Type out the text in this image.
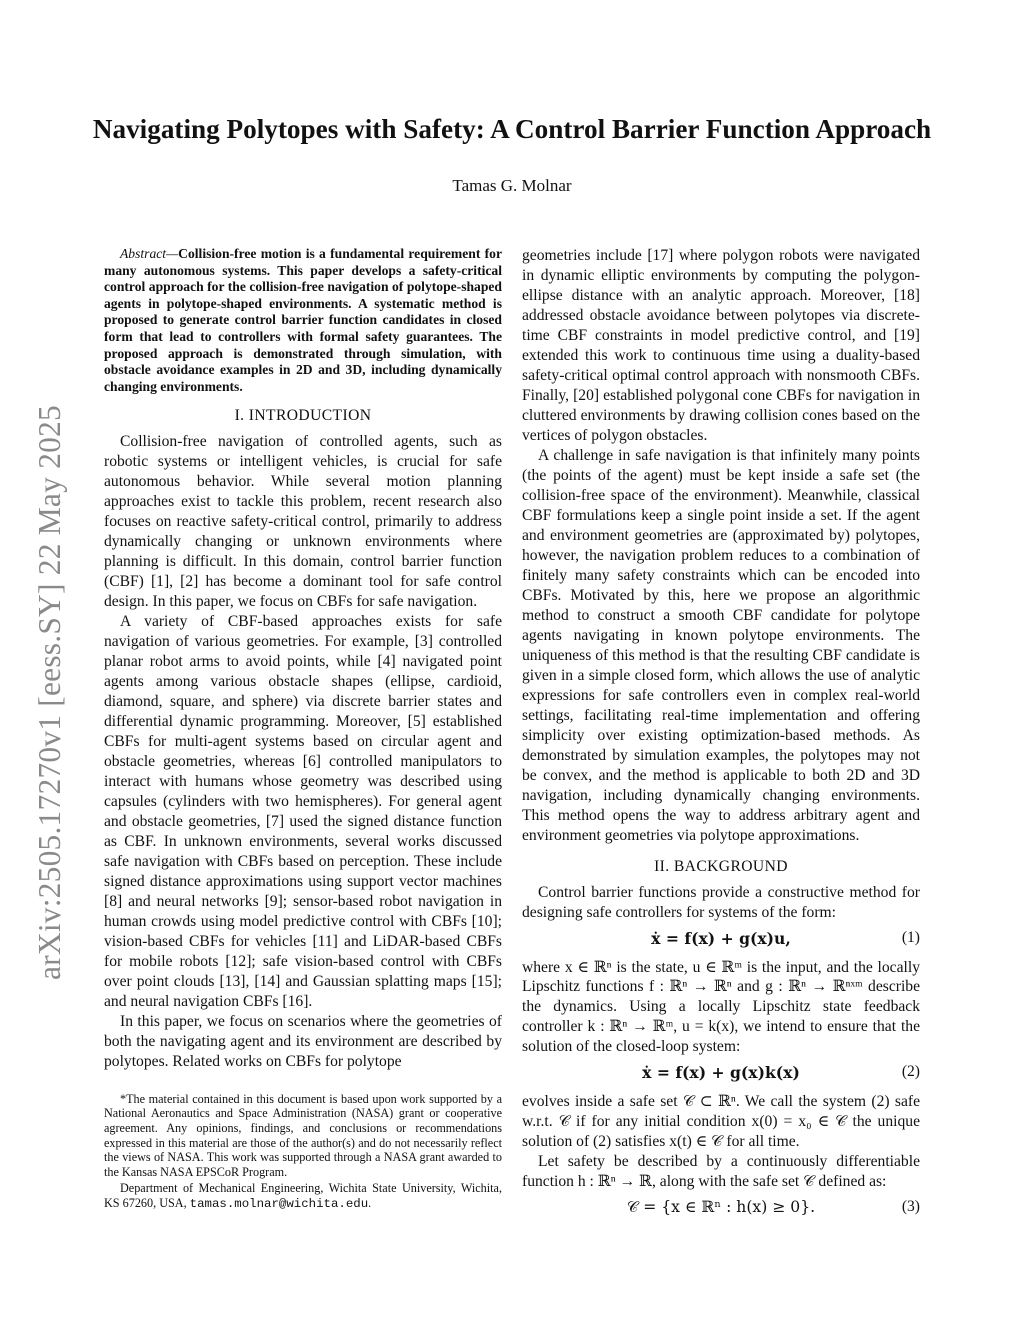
arXiv:2505.17270v1 [eess.SY] 22 May 2025
Navigating Polytopes with Safety: A Control Barrier Function Approach
Tamas G. Molnar

Abstract—Collision-free motion is a fundamental requirement for many autonomous systems. This paper develops a safety-critical control approach for the collision-free navigation of polytope-shaped agents in polytope-shaped environments. A systematic method is proposed to generate control barrier function candidates in closed form that lead to controllers with formal safety guarantees. The proposed approach is demonstrated through simulation, with obstacle avoidance examples in 2D and 3D, including dynamically changing environments.

I. INTRODUCTION

Collision-free navigation of controlled agents, such as robotic systems or intelligent vehicles, is crucial for safe autonomous behavior. While several motion planning approaches exist to tackle this problem, recent research also focuses on reactive safety-critical control, primarily to address dynamically changing or unknown environments where planning is difficult. In this domain, control barrier function (CBF) [1], [2] has become a dominant tool for safe control design. In this paper, we focus on CBFs for safe navigation.

A variety of CBF-based approaches exists for safe navigation of various geometries. For example, [3] controlled planar robot arms to avoid points, while [4] navigated point agents among various obstacle shapes (ellipse, cardioid, diamond, square, and sphere) via discrete barrier states and differential dynamic programming. Moreover, [5] established CBFs for multi-agent systems based on circular agent and obstacle geometries, whereas [6] controlled manipulators to interact with humans whose geometry was described using capsules (cylinders with two hemispheres). For general agent and obstacle geometries, [7] used the signed distance function as CBF. In unknown environments, several works discussed safe navigation with CBFs based on perception. These include signed distance approximations using support vector machines [8] and neural networks [9]; sensor-based robot navigation in human crowds using model predictive control with CBFs [10]; vision-based CBFs for vehicles [11] and LiDAR-based CBFs for mobile robots [12]; safe vision-based control with CBFs over point clouds [13], [14] and Gaussian splatting maps [15]; and neural navigation CBFs [16].

In this paper, we focus on scenarios where the geometries of both the navigating agent and its environment are described by polytopes. Related works on CBFs for polytope

*The material contained in this document is based upon work supported by a National Aeronautics and Space Administration (NASA) grant or cooperative agreement. Any opinions, findings, and conclusions or recommendations expressed in this material are those of the author(s) and do not necessarily reflect the views of NASA. This work was supported through a NASA grant awarded to the Kansas NASA EPSCoR Program.

Department of Mechanical Engineering, Wichita State University, Wichita, KS 67260, USA, tamas.molnar@wichita.edu.

geometries include [17] where polygon robots were navigated in dynamic elliptic environments by computing the polygon-ellipse distance with an analytic approach. Moreover, [18] addressed obstacle avoidance between polytopes via discrete-time CBF constraints in model predictive control, and [19] extended this work to continuous time using a duality-based safety-critical optimal control approach with nonsmooth CBFs. Finally, [20] established polygonal cone CBFs for navigation in cluttered environments by drawing collision cones based on the vertices of polygon obstacles.

A challenge in safe navigation is that infinitely many points (the points of the agent) must be kept inside a safe set (the collision-free space of the environment). Meanwhile, classical CBF formulations keep a single point inside a set. If the agent and environment geometries are (approximated by) polytopes, however, the navigation problem reduces to a combination of finitely many safety constraints which can be encoded into CBFs. Motivated by this, here we propose an algorithmic method to construct a smooth CBF candidate for polytope agents navigating in known polytope environments. The uniqueness of this method is that the resulting CBF candidate is given in a simple closed form, which allows the use of analytic expressions for safe controllers even in complex real-world settings, facilitating real-time implementation and offering simplicity over existing optimization-based methods. As demonstrated by simulation examples, the polytopes may not be convex, and the method is applicable to both 2D and 3D navigation, including dynamically changing environments. This method opens the way to address arbitrary agent and environment geometries via polytope approximations.

II. BACKGROUND

Control barrier functions provide a constructive method for designing safe controllers for systems of the form:

ẋ = f(x) + g(x)u,	(1)

where x ∈ ℝⁿ is the state, u ∈ ℝᵐ is the input, and the locally Lipschitz functions f : ℝⁿ → ℝⁿ and g : ℝⁿ → ℝⁿˣᵐ describe the dynamics. Using a locally Lipschitz state feedback controller k : ℝⁿ → ℝᵐ, u = k(x), we intend to ensure that the solution of the closed-loop system:

ẋ = f(x) + g(x)k(x)	(2)

evolves inside a safe set 𝒞 ⊂ ℝⁿ. We call the system (2) safe w.r.t. 𝒞 if for any initial condition x(0) = x₀ ∈ 𝒞 the unique solution of (2) satisfies x(t) ∈ 𝒞 for all time.

Let safety be described by a continuously differentiable function h : ℝⁿ → ℝ, along with the safe set 𝒞 defined as:

𝒞 = {x ∈ ℝⁿ : h(x) ≥ 0}.	(3)
